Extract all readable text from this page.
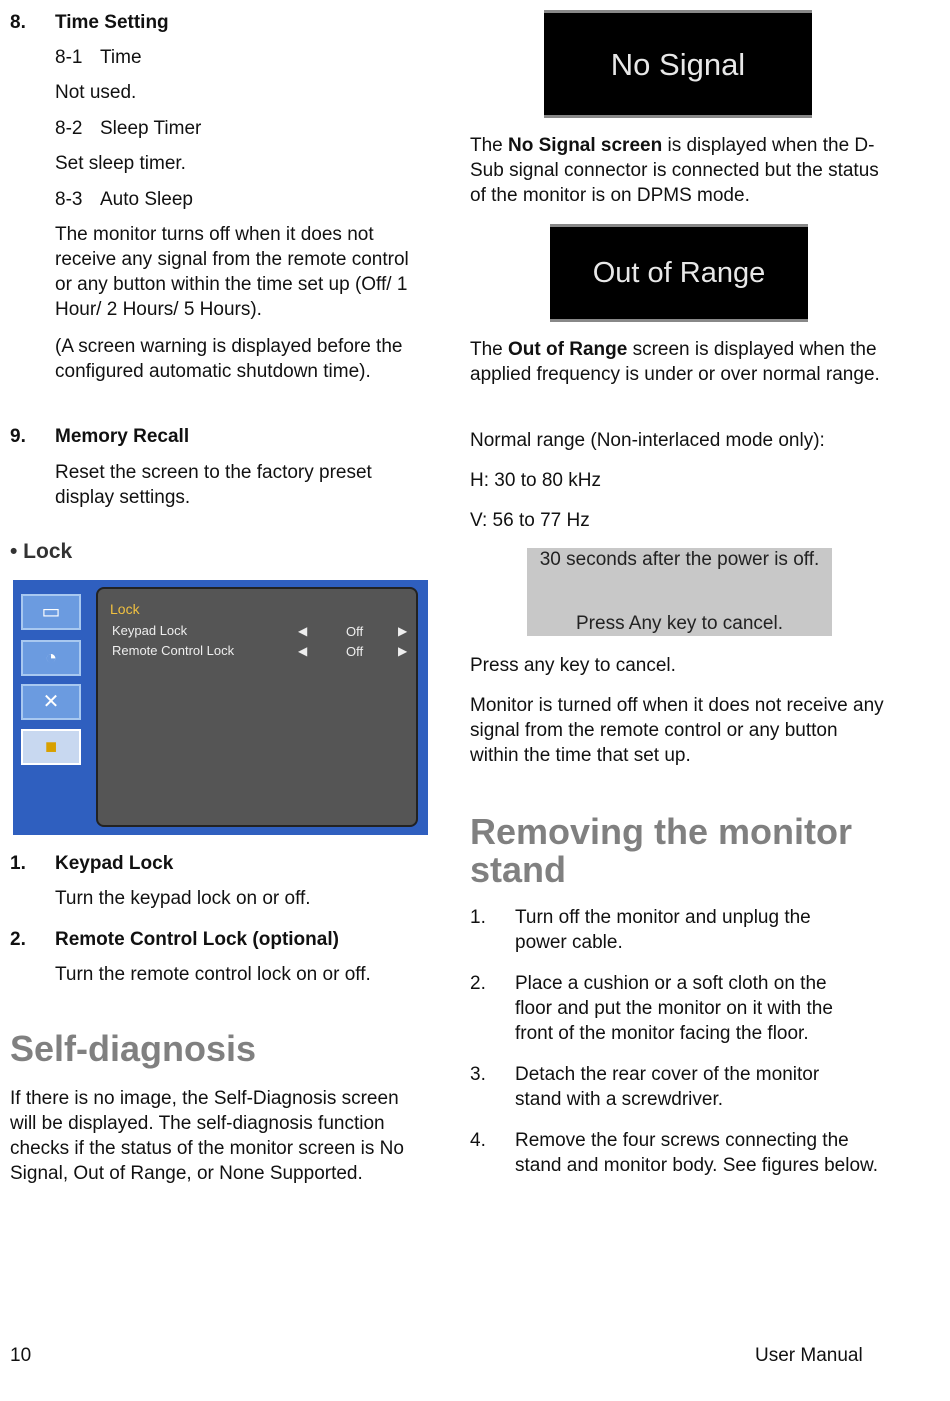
8. Time Setting
8-1 Time
Not used.
8-2 Sleep Timer
Set sleep timer.
8-3 Auto Sleep
The monitor turns off when it does not receive any signal from the remote control or any button within the time set up (Off/ 1 Hour/ 2 Hours/ 5 Hours).
(A screen warning is displayed before the configured automatic shutdown time).
9. Memory Recall
Reset the screen to the factory preset display settings.
• Lock
▭
◔
✕
■
Lock
Keypad Lock	◀	Off	▶
Remote Control Lock	◀	Off	▶
1. Keypad Lock
Turn the keypad lock on or off.
2. Remote Control Lock (optional)
Turn the remote control lock on or off.
Self-diagnosis
If there is no image, the Self-Diagnosis screen will be displayed. The self-diagnosis function checks if the status of the monitor screen is No Signal, Out of Range, or None Supported.
No Signal
The No Signal screen is displayed when the D-Sub signal connector is connected but the status of the monitor is on DPMS mode.
Out of Range
The Out of Range screen is displayed when the applied frequency is under or over normal range.
Normal range (Non-interlaced mode only):
H: 30 to 80 kHz
V: 56 to 77 Hz
30 seconds after the power is off.
Press Any key to cancel.
Press any key to cancel.
Monitor is turned off when it does not receive any signal from the remote control or any button within the time that set up.
Removing the monitor stand
1. Turn off the monitor and unplug the power cable.
2. Place a cushion or a soft cloth on the floor and put the monitor on it with the front of the monitor facing the floor.
3. Detach the rear cover of the monitor stand with a screwdriver.
4. Remove the four screws connecting the stand and monitor body. See figures below.
10	User Manual
